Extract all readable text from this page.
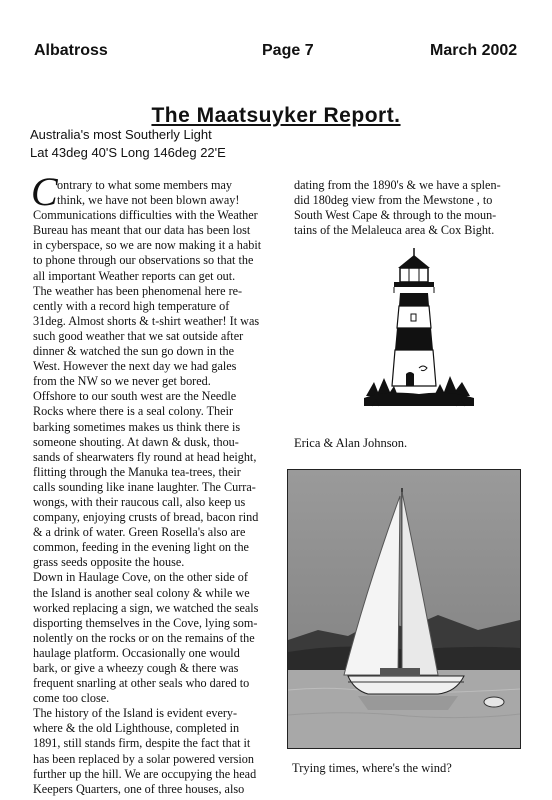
Albatross	Page 7	March 2002
The Maatsuyker Report.
Australia's most Southerly Light
Lat 43deg 40'S Long 146deg 22'E
C ontrary to what some members may
think, we have not been blown away!
Communications difficulties with the Weather
Bureau has meant that our data has been lost
in cyberspace, so we are now making it a habit
to phone through our observations so that the
all important Weather reports can get out.
The weather has been phenomenal here re-
cently with a record high temperature of
31deg. Almost shorts & t-shirt weather! It was
such good weather that we sat outside after
dinner & watched the sun go down in the
West. However the next day we had gales
from the NW so we never get bored.
Offshore to our south west are the Needle
Rocks where there is a seal colony. Their
barking sometimes makes us think there is
someone shouting. At dawn & dusk, thou-
sands of shearwaters fly round at head height,
flitting through the Manuka tea-trees, their
calls sounding like inane laughter. The Curra-
wongs, with their raucous call, also keep us
company, enjoying crusts of bread, bacon rind
& a drink of water. Green Rosella's also are
common, feeding in the evening light on the
grass seeds opposite the house.
Down in Haulage Cove, on the other side of
the Island is another seal colony & while we
worked replacing a sign, we watched the seals
disporting themselves in the Cove, lying som-
nolently on the rocks or on the remains of the
haulage platform. Occasionally one would
bark, or give a wheezy cough & there was
frequent snarling at other seals who dared to
come too close.
The history of the Island is evident every-
where & the old Lighthouse, completed in
1891, still stands firm, despite the fact that it
has been replaced by a solar powered version
further up the hill. We are occupying the head
Keepers Quarters, one of three houses, also
dating from the 1890's & we have a splen-
did 180deg view from the Mewstone , to
South West Cape & through to the moun-
tains of the Melaleuca area & Cox Bight.
Erica & Alan Johnson.
Trying times, where's the wind?
